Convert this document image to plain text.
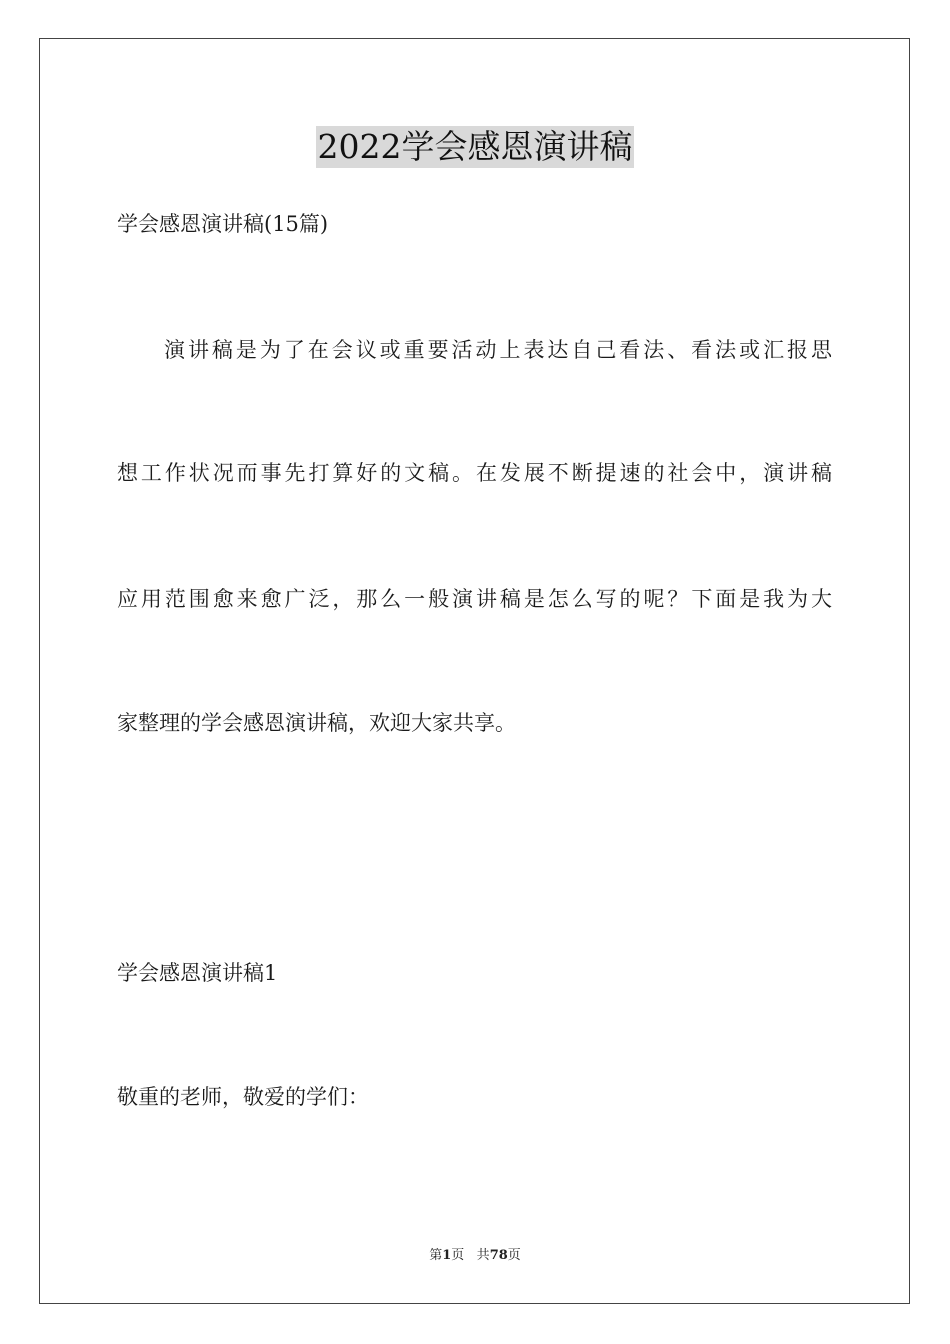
2022学会感恩演讲稿
学会感恩演讲稿(15篇)
演讲稿是为了在会议或重要活动上表达自己看法、看法或汇报思
想工作状况而事先打算好的文稿。在发展不断提速的社会中，演讲稿
应用范围愈来愈广泛，那么一般演讲稿是怎么写的呢？下面是我为大
家整理的学会感恩演讲稿，欢迎大家共享。
学会感恩演讲稿1
敬重的老师，敬爱的学们：
第1页 共78页
